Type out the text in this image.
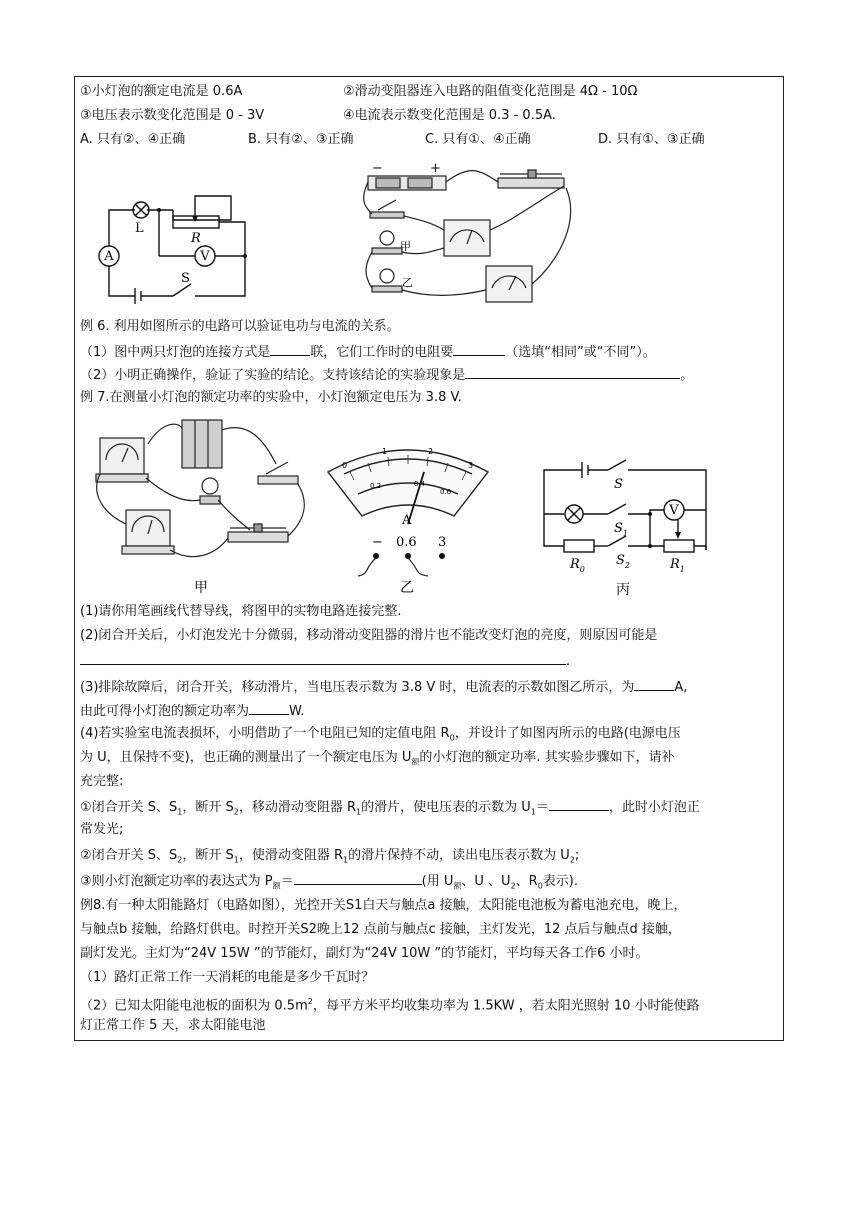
①小灯泡的额定电流是 0.6A	②滑动变阻器连入电路的阻值变化范围是 4Ω - 10Ω
③电压表示数变化范围是 0 - 3V	④电流表示数变化范围是 0.3 - 0.5A.
A. 只有②、④正确	B. 只有②、③正确	C. 只有①、④正确	D. 只有①、③正确
A	V
L
R
S
−	+
甲
乙
例 6. 利用如图所示的电路可以验证电功与电流的关系。
（1）图中两只灯泡的连接方式是	联，它们工作时的电阻要	（选填“相同”或“不同”）。
（2）小明正确操作，验证了实验的结论。支持该结论的实验现象是	。
例 7.在测量小灯泡的额定功率的实验中，小灯泡额定电压为 3.8 V.
甲
0
1	2
3
0.2	0.4
0.6
A
− 0.6 3
乙
S
$S_1$
$S_2$
V
$R_0$	$R_1$
丙
(1)请你用笔画线代替导线，将图甲的实物电路连接完整.
(2)闭合开关后，小灯泡发光十分微弱，移动滑动变阻器的滑片也不能改变灯泡的亮度，则原因可能是
.
(3)排除故障后，闭合开关，移动滑片，当电压表示数为 3.8 V 时，电流表的示数如图乙所示，为	A,
由此可得小灯泡的额定功率为	W.
(4)若实验室电流表损坏，小明借助了一个电阻已知的定值电阻 $R_0$，并设计了如图丙所示的电路(电源电压
为 U，且保持不变)，也正确的测量出了一个额定电压为 $U_额$的小灯泡的额定功率. 其实验步骤如下，请补
充完整:
①闭合开关 S、$S_1$，断开 $S_2$，移动滑动变阻器 $R_1$的滑片，使电压表的示数为 $U_1=$	，此时小灯泡正
常发光;
②闭合开关 S、$S_2$，断开 $S_1$，使滑动变阻器 $R_1$的滑片保持不动，读出电压表示数为 $U_2$;
③则小灯泡额定功率的表达式为 $P_额=$	(用 $U_额$、U 、$U_2$、$R_0$表示).
例8.有一种太阳能路灯（电路如图），光控开关S1白天与触点a 接触，太阳能电池板为蓄电池充电，晚上，
与触点b 接触，给路灯供电。时控开关S2晚上12 点前与触点c 接触，主灯发光，12 点后与触点d 接触，
副灯发光。主灯为“24V 15W ”的节能灯，副灯为“24V 10W ”的节能灯，平均每天各工作6 小时。
（1）路灯正常工作一天消耗的电能是多少千瓦时？
（2）已知太阳能电池板的面积为 $0.5m^2$，每平方米平均收集功率为 1.5KW ，若太阳光照射 10 小时能使路
灯正常工作 5 天，求太阳能电池
